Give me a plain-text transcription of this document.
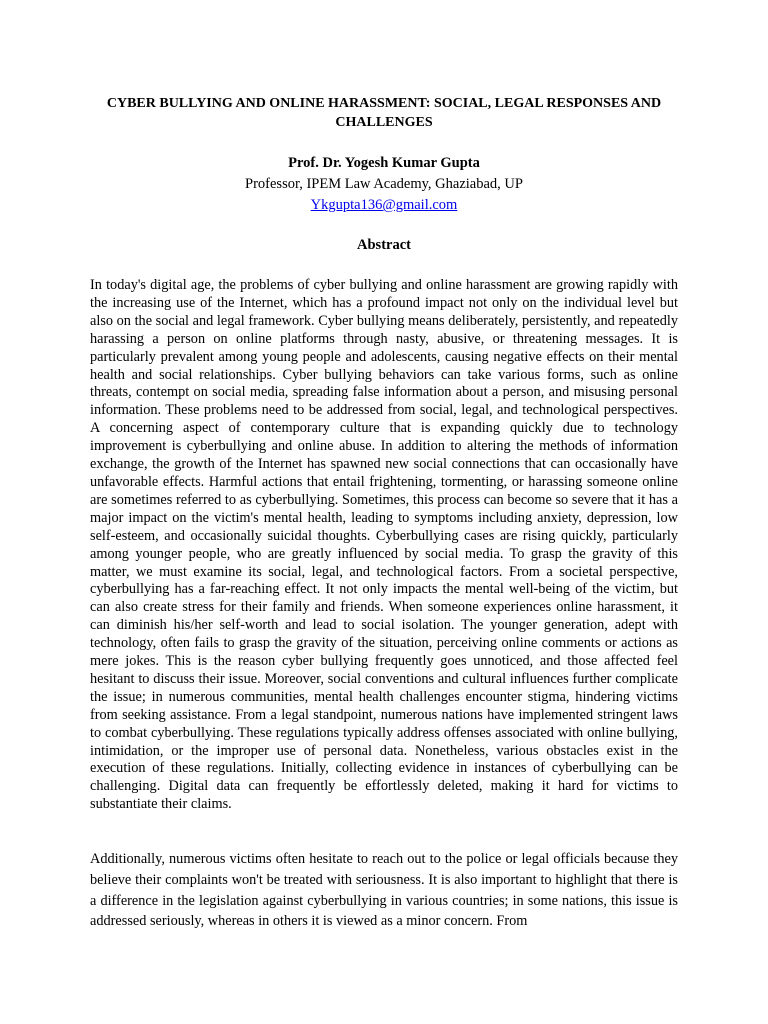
CYBER BULLYING AND ONLINE HARASSMENT: SOCIAL, LEGAL RESPONSES AND CHALLENGES
Prof. Dr. Yogesh Kumar Gupta
Professor, IPEM Law Academy, Ghaziabad, UP
Ykgupta136@gmail.com
Abstract

In today's digital age, the problems of cyber bullying and online harassment are growing rapidly with the increasing use of the Internet, which has a profound impact not only on the individual level but also on the social and legal framework. Cyber bullying means deliberately, persistently, and repeatedly harassing a person on online platforms through nasty, abusive, or threatening messages. It is particularly prevalent among young people and adolescents, causing negative effects on their mental health and social relationships. Cyber bullying behaviors can take various forms, such as online threats, contempt on social media, spreading false information about a person, and misusing personal information. These problems need to be addressed from social, legal, and technological perspectives. A concerning aspect of contemporary culture that is expanding quickly due to technology improvement is cyberbullying and online abuse. In addition to altering the methods of information exchange, the growth of the Internet has spawned new social connections that can occasionally have unfavorable effects. Harmful actions that entail frightening, tormenting, or harassing someone online are sometimes referred to as cyberbullying. Sometimes, this process can become so severe that it has a major impact on the victim's mental health, leading to symptoms including anxiety, depression, low self-esteem, and occasionally suicidal thoughts. Cyberbullying cases are rising quickly, particularly among younger people, who are greatly influenced by social media. To grasp the gravity of this matter, we must examine its social, legal, and technological factors. From a societal perspective, cyberbullying has a far-reaching effect. It not only impacts the mental well-being of the victim, but can also create stress for their family and friends. When someone experiences online harassment, it can diminish his/her self-worth and lead to social isolation. The younger generation, adept with technology, often fails to grasp the gravity of the situation, perceiving online comments or actions as mere jokes. This is the reason cyber bullying frequently goes unnoticed, and those affected feel hesitant to discuss their issue. Moreover, social conventions and cultural influences further complicate the issue; in numerous communities, mental health challenges encounter stigma, hindering victims from seeking assistance. From a legal standpoint, numerous nations have implemented stringent laws to combat cyberbullying. These regulations typically address offenses associated with online bullying, intimidation, or the improper use of personal data. Nonetheless, various obstacles exist in the execution of these regulations. Initially, collecting evidence in instances of cyberbullying can be challenging. Digital data can frequently be effortlessly deleted, making it hard for victims to substantiate their claims.

Additionally, numerous victims often hesitate to reach out to the police or legal officials because they believe their complaints won't be treated with seriousness. It is also important to highlight that there is a difference in the legislation against cyberbullying in various countries; in some nations, this issue is addressed seriously, whereas in others it is viewed as a minor concern. From
